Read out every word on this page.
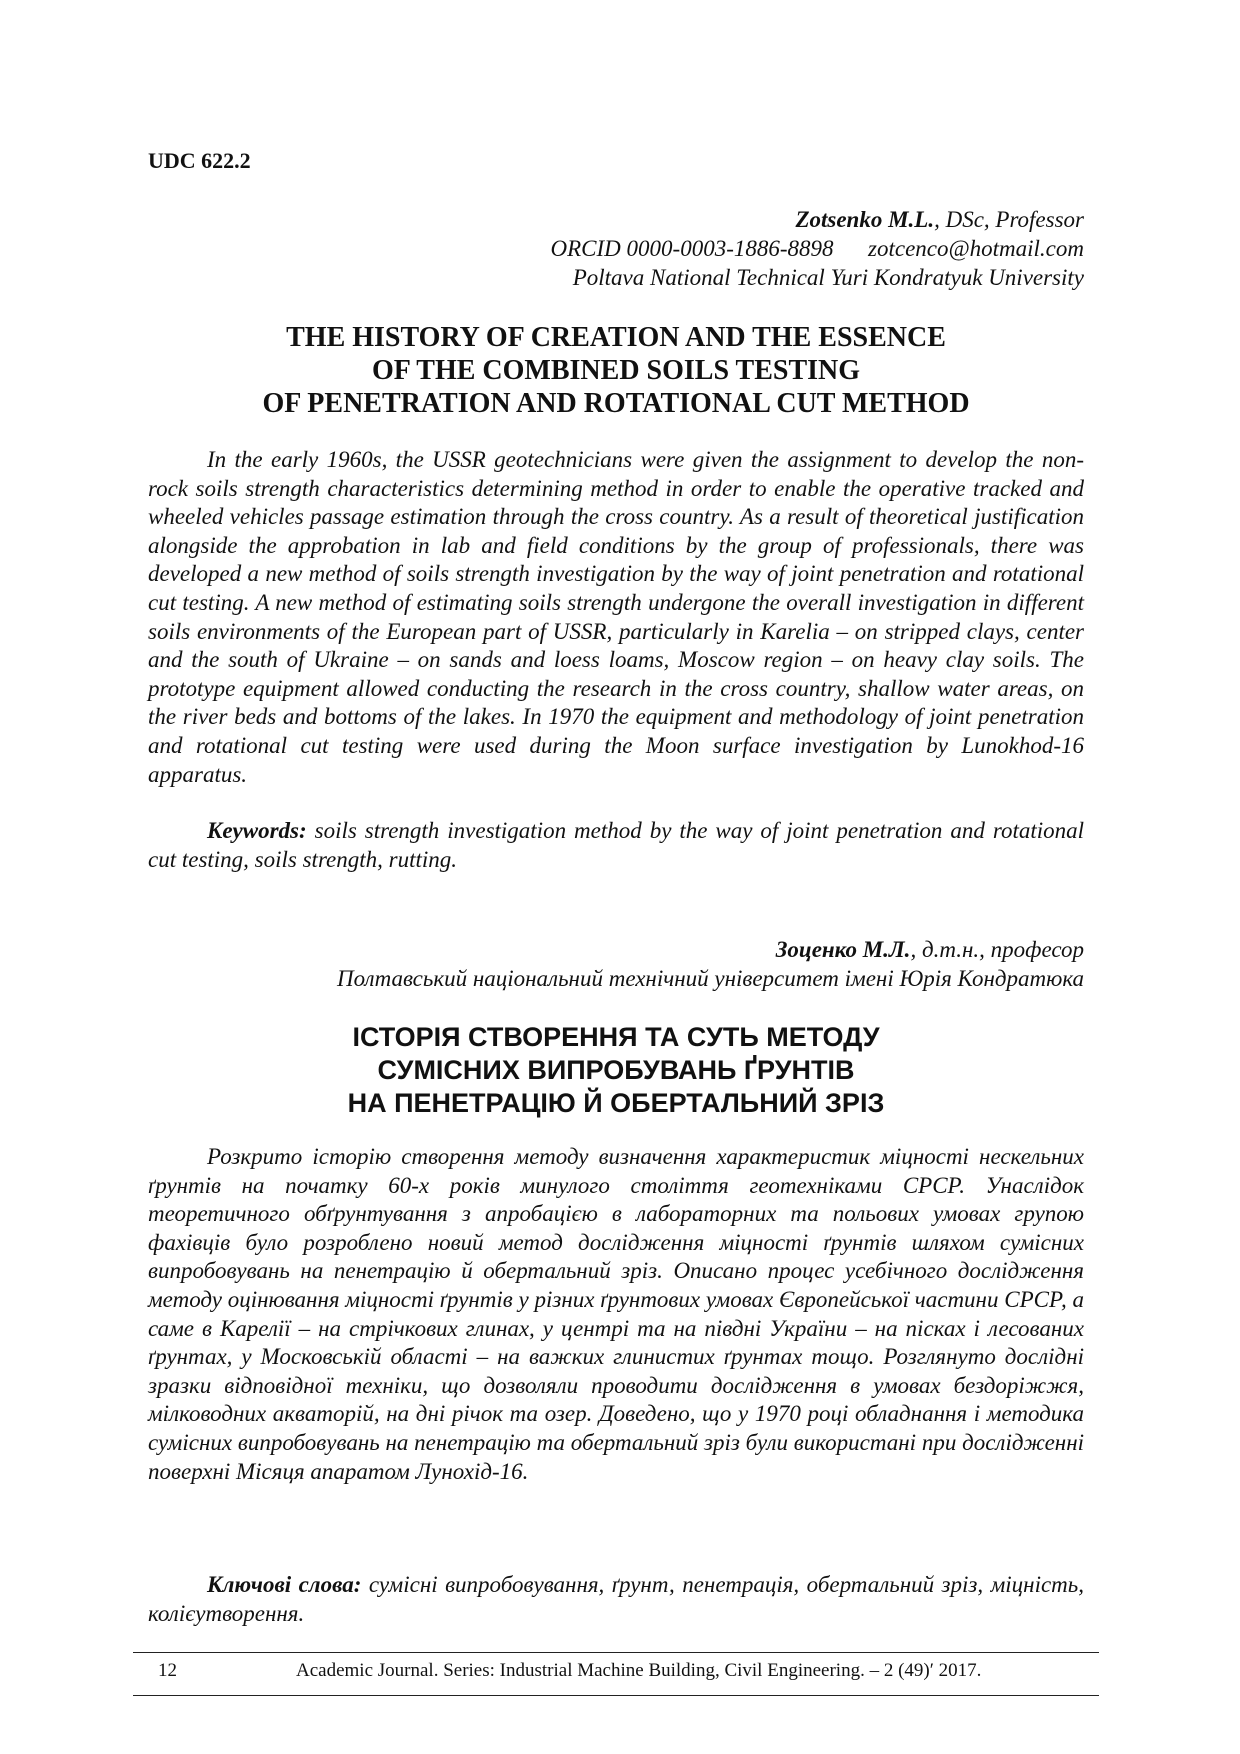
UDC 622.2
Zotsenko M.L., DSc, Professor
ORCID 0000-0003-1886-8898 zotcenco@hotmail.com
Poltava National Technical Yuri Kondratyuk University
THE HISTORY OF CREATION AND THE ESSENCE
OF THE COMBINED SOILS TESTING
OF PENETRATION AND ROTATIONAL CUT METHOD

In the early 1960s, the USSR geotechnicians were given the assignment to develop the non-rock soils strength characteristics determining method in order to enable the operative tracked and wheeled vehicles passage estimation through the cross country. As a result of theoretical justification alongside the approbation in lab and field conditions by the group of professionals, there was developed a new method of soils strength investigation by the way of joint penetration and rotational cut testing. A new method of estimating soils strength undergone the overall investigation in different soils environments of the European part of USSR, particularly in Karelia – on stripped clays, center and the south of Ukraine – on sands and loess loams, Moscow region – on heavy clay soils. The prototype equipment allowed conducting the research in the cross country, shallow water areas, on the river beds and bottoms of the lakes. In 1970 the equipment and methodology of joint penetration and rotational cut testing were used during the Moon surface investigation by Lunokhod-16 apparatus.

Keywords: soils strength investigation method by the way of joint penetration and rotational cut testing, soils strength, rutting.

Зоценко М.Л., д.т.н., професор
Полтавський національний технічний університет імені Юрія Кондратюка
ІСТОРІЯ СТВОРЕННЯ ТА СУТЬ МЕТОДУ
СУМІСНИХ ВИПРОБУВАНЬ ҐРУНТІВ
НА ПЕНЕТРАЦІЮ Й ОБЕРТАЛЬНИЙ ЗРІЗ

Розкрито історію створення методу визначення характеристик міцності нескельних ґрунтів на початку 60-х років минулого століття геотехніками СРСР. Унаслідок теоретичного обґрунтування з апробацією в лабораторних та польових умовах групою фахівців було розроблено новий метод дослідження міцності ґрунтів шляхом сумісних випробовувань на пенетрацію й обертальний зріз. Описано процес усебічного дослідження методу оцінювання міцності ґрунтів у різних ґрунтових умовах Європейської частини СРСР, а саме в Карелії – на стрічкових глинах, у центрі та на півдні України – на пісках і лесованих ґрунтах, у Московській області – на важких глинистих ґрунтах тощо. Розглянуто дослідні зразки відповідної техніки, що дозволяли проводити дослідження в умовах бездоріжжя, мілководних акваторій, на дні річок та озер. Доведено, що у 1970 році обладнання і методика сумісних випробовувань на пенетрацію та обертальний зріз були використані при дослідженні поверхні Місяця апаратом Лунохід-16.

Ключові слова: сумісні випробовування, ґрунт, пенетрація, обертальний зріз, міцність, колієутворення.

12	Academic Journal. Series: Industrial Machine Building, Civil Engineering. – 2 (49)′ 2017.
